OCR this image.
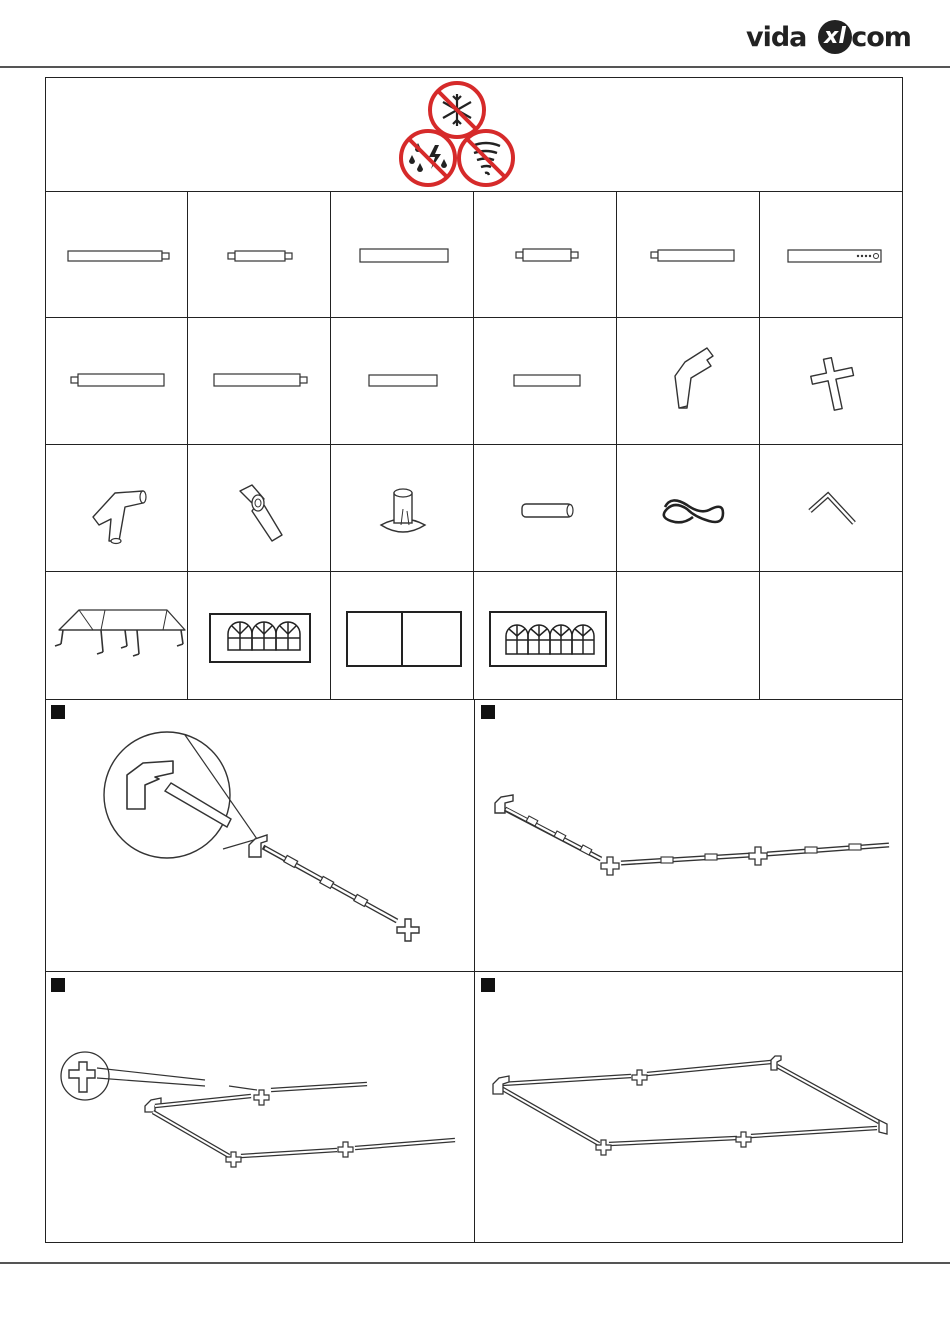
vida xl
.com
